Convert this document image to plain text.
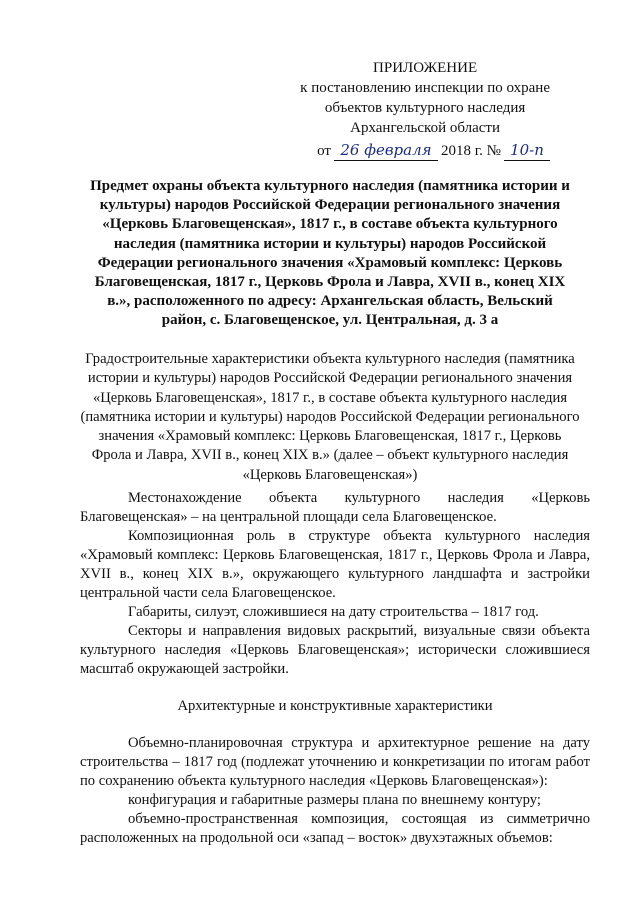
ПРИЛОЖЕНИЕ
к постановлению инспекции по охране
объектов культурного наследия
Архангельской области
от 26 февраля 2018 г. № 10-п
Предмет охраны объекта культурного наследия (памятника истории и культуры) народов Российской Федерации регионального значения «Церковь Благовещенская», 1817 г., в составе объекта культурного наследия (памятника истории и культуры) народов Российской Федерации регионального значения «Храмовый комплекс: Церковь Благовещенская, 1817 г., Церковь Фрола и Лавра, XVII в., конец XIX в.», расположенного по адресу: Архангельская область, Вельский район, с. Благовещенское, ул. Центральная, д. 3 а
Градостроительные характеристики объекта культурного наследия (памятника истории и культуры) народов Российской Федерации регионального значения «Церковь Благовещенская», 1817 г., в составе объекта культурного наследия (памятника истории и культуры) народов Российской Федерации регионального значения «Храмовый комплекс: Церковь Благовещенская, 1817 г., Церковь Фрола и Лавра, XVII в., конец XIX в.» (далее – объект культурного наследия «Церковь Благовещенская»)

Местонахождение объекта культурного наследия «Церковь Благовещенская» – на центральной площади села Благовещенское.

Композиционная роль в структуре объекта культурного наследия «Храмовый комплекс: Церковь Благовещенская, 1817 г., Церковь Фрола и Лавра, XVII в., конец XIX в.», окружающего культурного ландшафта и застройки центральной части села Благовещенское.

Габариты, силуэт, сложившиеся на дату строительства – 1817 год.

Секторы и направления видовых раскрытий, визуальные связи объекта культурного наследия «Церковь Благовещенская»; исторически сложившиеся масштаб окружающей застройки.

Архитектурные и конструктивные характеристики

Объемно-планировочная структура и архитектурное решение на дату строительства – 1817 год (подлежат уточнению и конкретизации по итогам работ по сохранению объекта культурного наследия «Церковь Благовещенская»):

конфигурация и габаритные размеры плана по внешнему контуру;

объемно-пространственная композиция, состоящая из симметрично расположенных на продольной оси «запад – восток» двухэтажных объемов:
